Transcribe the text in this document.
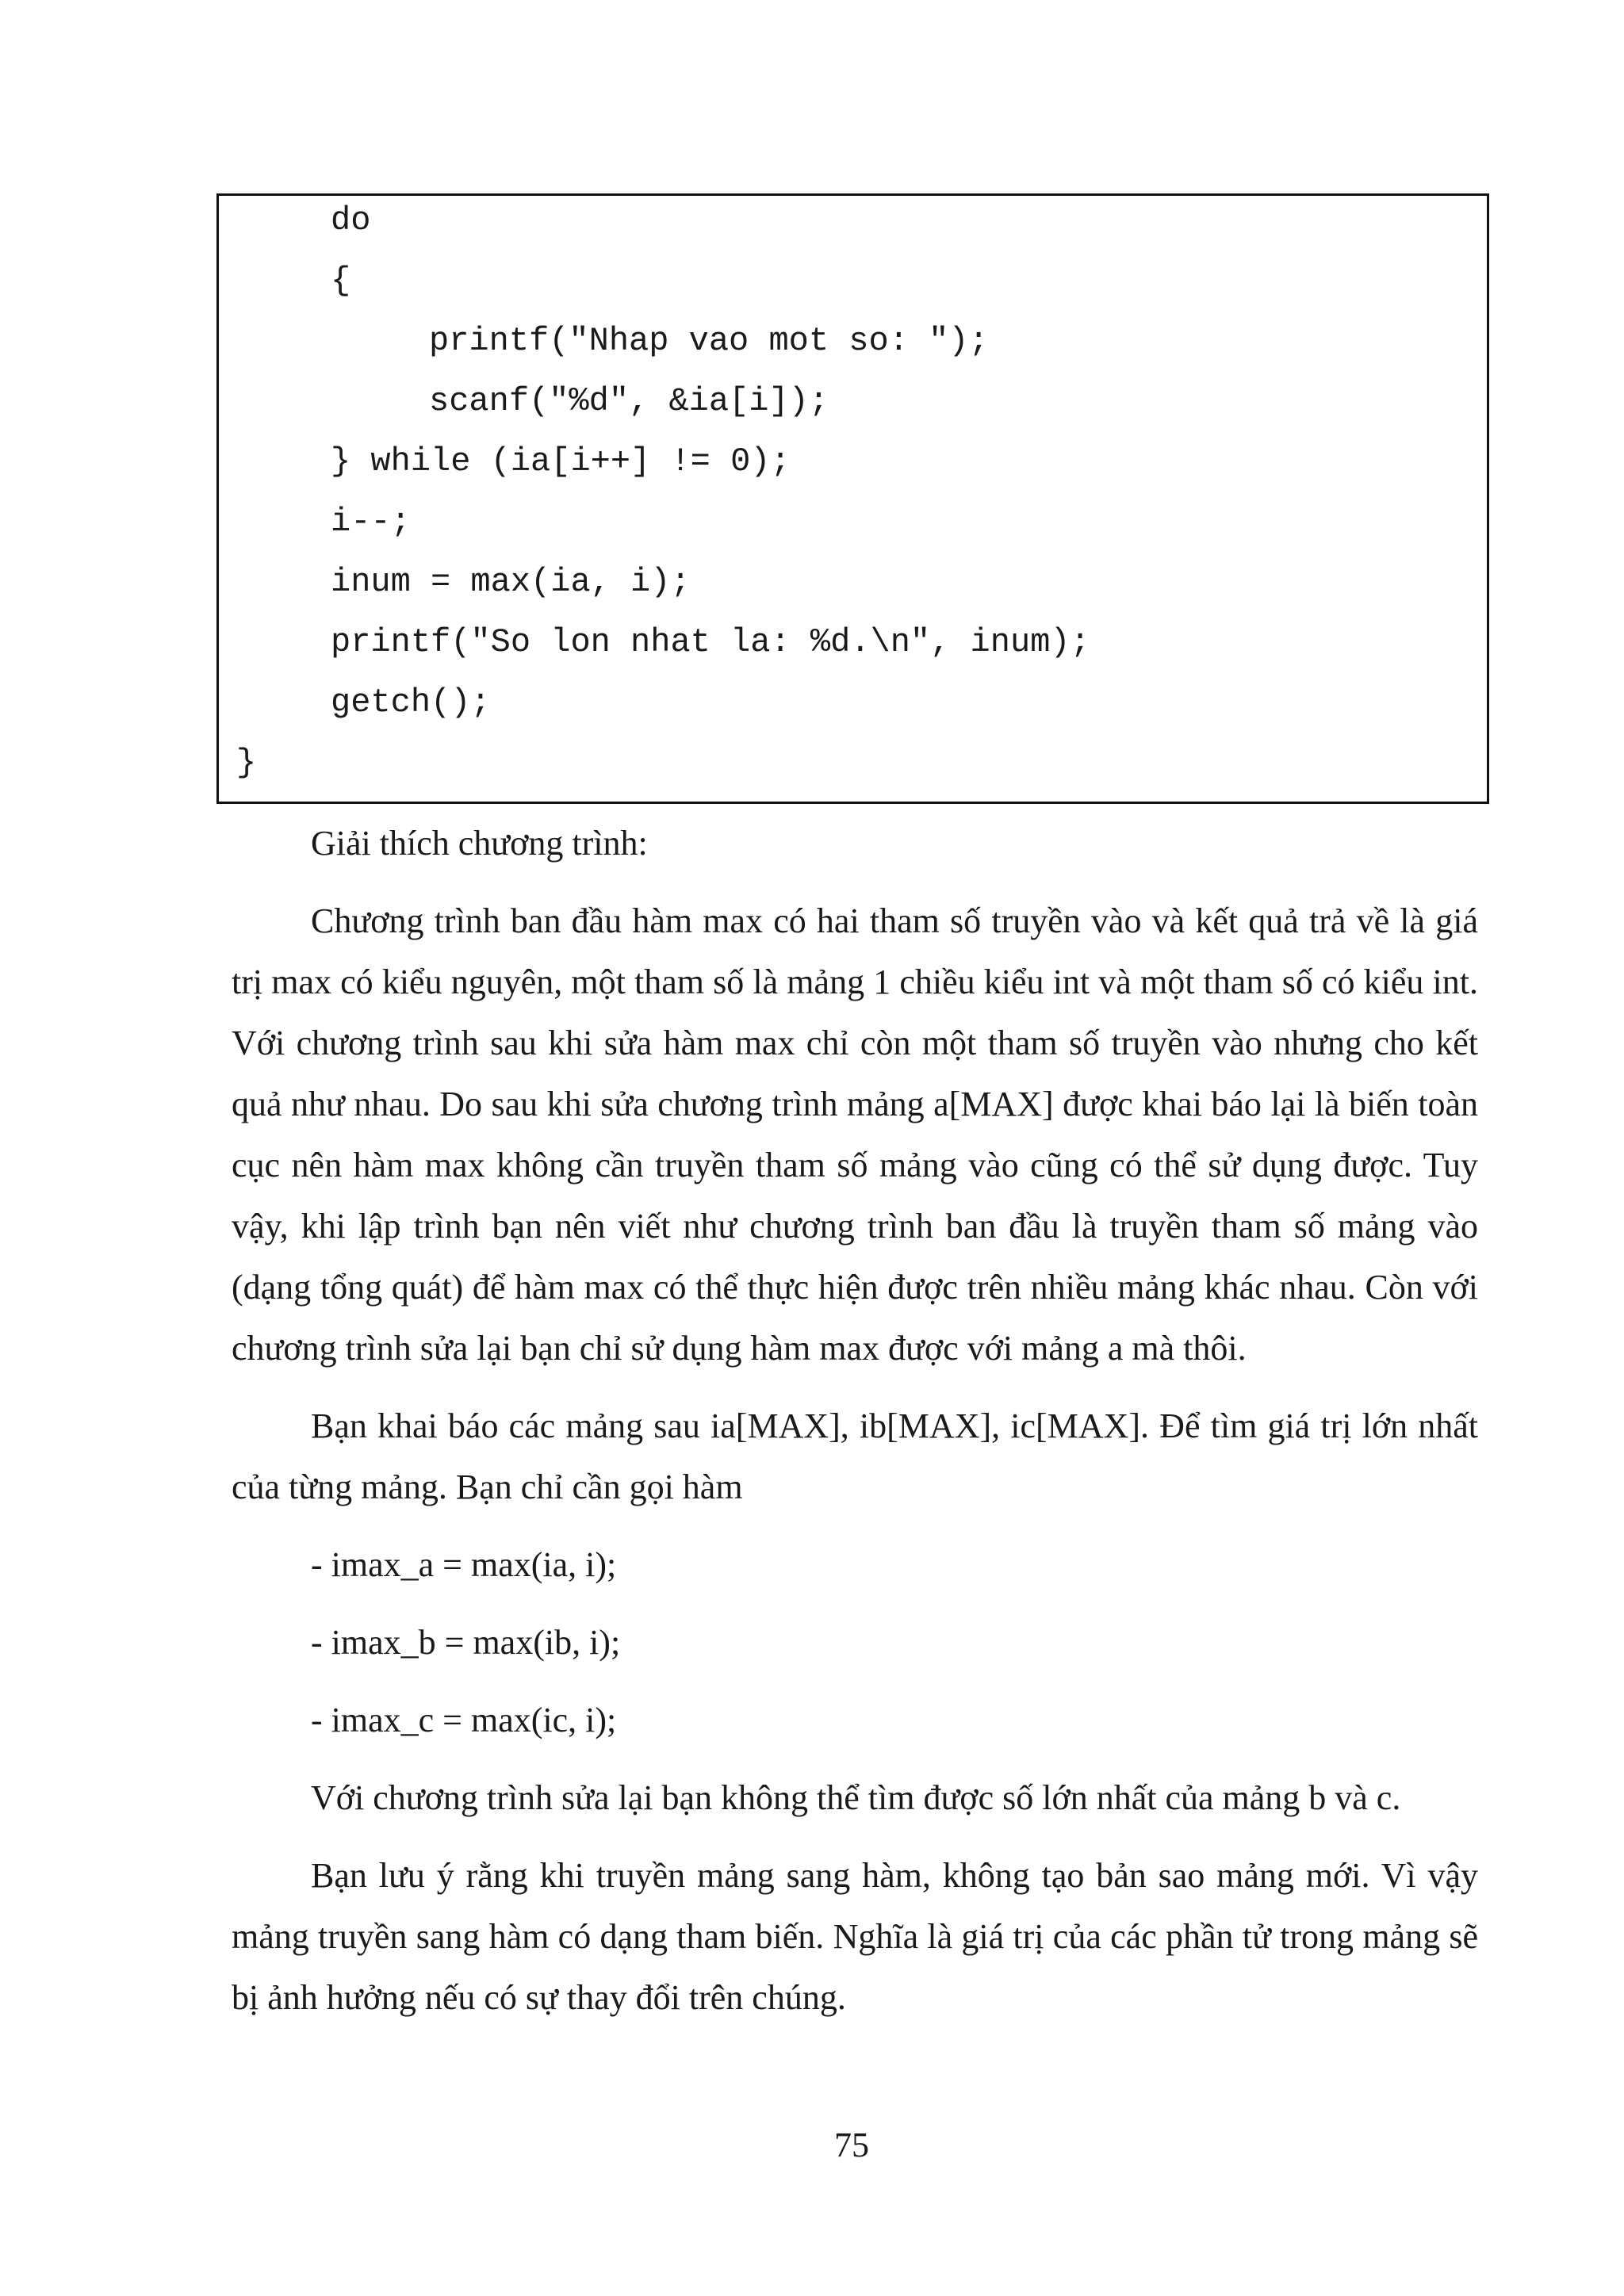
do
{
printf("Nhap vao mot so: ");
scanf("%d", &ia[i]);
} while (ia[i++] != 0);
i--;
inum = max(ia, i);
printf("So lon nhat la: %d.\n", inum);
getch();
}

Giải thích chương trình:

Chương trình ban đầu hàm max có hai tham số truyền vào và kết quả trả về là giá trị max có kiểu nguyên, một tham số là mảng 1 chiều kiểu int và một tham số có kiểu int. Với chương trình sau khi sửa hàm max chỉ còn một tham số truyền vào nhưng cho kết quả như nhau. Do sau khi sửa chương trình mảng a[MAX] được khai báo lại là biến toàn cục nên hàm max không cần truyền tham số mảng vào cũng có thể sử dụng được. Tuy vậy, khi lập trình bạn nên viết như chương trình ban đầu là truyền tham số mảng vào (dạng tổng quát) để hàm max có thể thực hiện được trên nhiều mảng khác nhau. Còn với chương trình sửa lại bạn chỉ sử dụng hàm max được với mảng a mà thôi.

Bạn khai báo các mảng sau ia[MAX], ib[MAX], ic[MAX]. Để tìm giá trị lớn nhất của từng mảng. Bạn chỉ cần gọi hàm

- imax_a = max(ia, i);

- imax_b = max(ib, i);

- imax_c = max(ic, i);

Với chương trình sửa lại bạn không thể tìm được số lớn nhất của mảng b và c.

Bạn lưu ý rằng khi truyền mảng sang hàm, không tạo bản sao mảng mới. Vì vậy mảng truyền sang hàm có dạng tham biến. Nghĩa là giá trị của các phần tử trong mảng sẽ bị ảnh hưởng nếu có sự thay đổi trên chúng.

75
